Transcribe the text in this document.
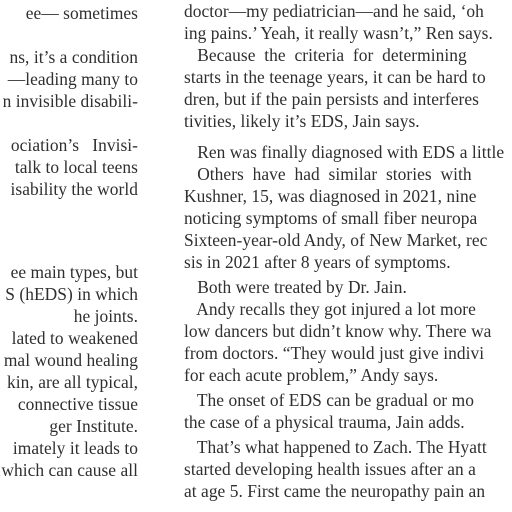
ee— sometimes
ns, it’s a condition
—leading many to
n invisible disabili-
ociation’s   Invisi-
talk to local teens
isability the world
ee main types, but
S (hEDS) in which
he joints.
lated to weakened
mal wound healing
kin, are all typical,
connective tissue
ger Institute.
imately it leads to
which can cause all
doctor—my pediatrician—and he said, ‘oh
ing pains.’ Yeah, it really wasn’t,” Ren says.
Because  the  criteria  for  determining
starts in the teenage years, it can be hard to
dren, but if the pain persists and interferes
tivities, likely it’s EDS, Jain says.
Ren was finally diagnosed with EDS a little
Others  have  had  similar  stories  with
Kushner, 15, was diagnosed in 2021, nine
noticing symptoms of small fiber neuropa
Sixteen-year-old Andy, of New Market, rec
sis in 2021 after 8 years of symptoms.
Both were treated by Dr. Jain.
Andy recalls they got injured a lot more
low dancers but didn’t know why. There wa
from doctors. “They would just give indivi
for each acute problem,” Andy says.
The onset of EDS can be gradual or mo
the case of a physical trauma, Jain adds.
That’s what happened to Zach. The Hyatt
started developing health issues after an a
at age 5. First came the neuropathy pain an
